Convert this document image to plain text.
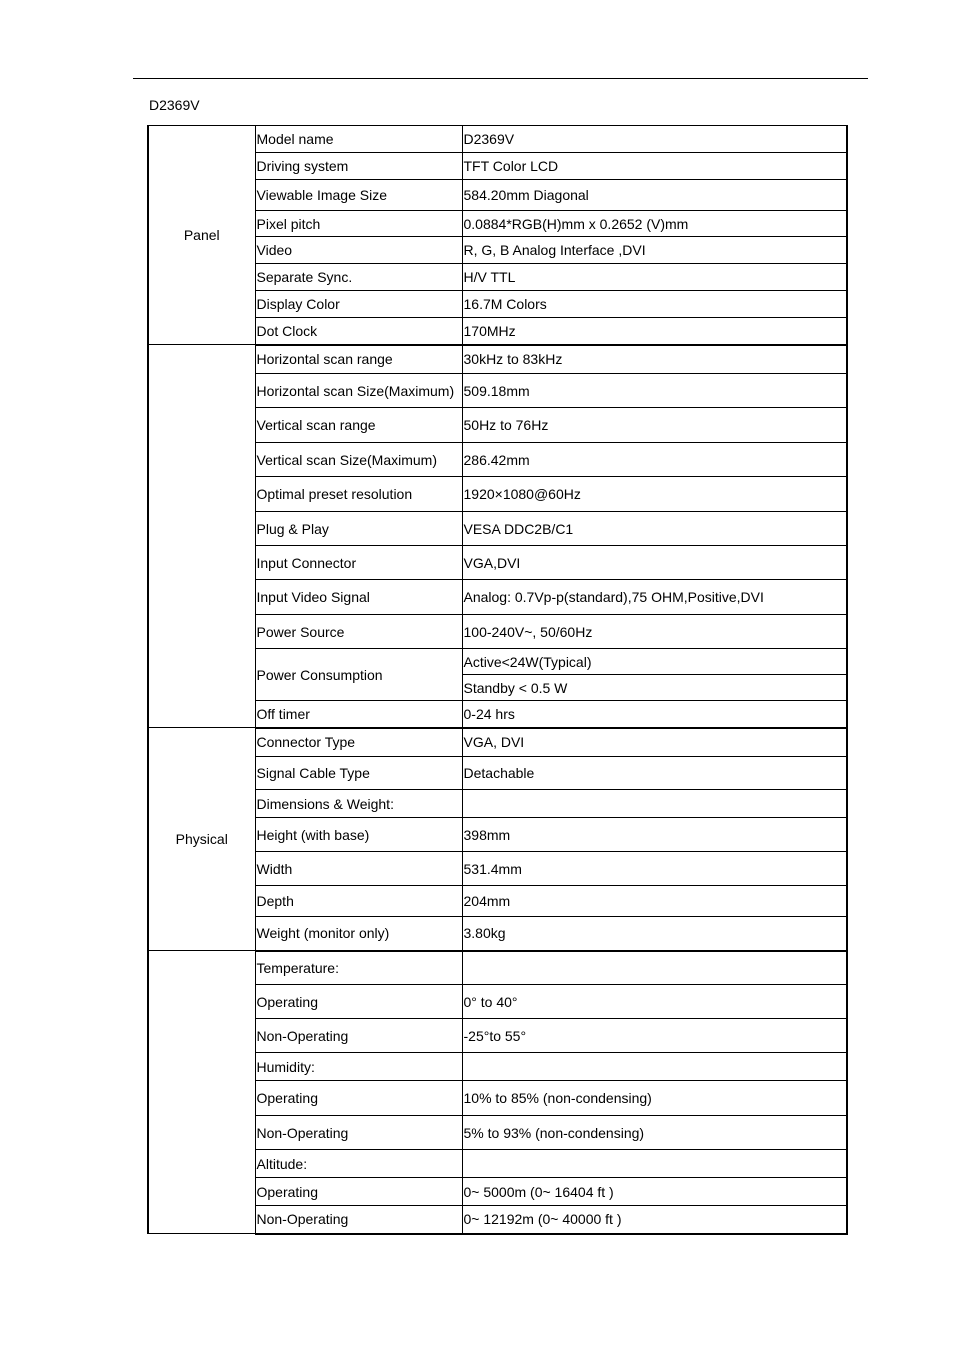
D2369V
Panel	Model name	D2369V
	Driving system	TFT Color LCD
	Viewable Image Size	584.20mm Diagonal
	Pixel pitch	0.0884*RGB(H)mm x 0.2652 (V)mm
	Video	R, G, B Analog Interface ,DVI
	Separate Sync.	H/V TTL
	Display Color	16.7M Colors
	Dot Clock	170MHz
	Horizontal scan range	30kHz to 83kHz
	Horizontal scan Size(Maximum)	509.18mm
	Vertical scan range	50Hz to 76Hz
	Vertical scan Size(Maximum)	286.42mm
	Optimal preset resolution	1920×1080@60Hz
	Plug & Play	VESA DDC2B/C1
	Input Connector	VGA,DVI
	Input Video Signal	Analog: 0.7Vp-p(standard),75 OHM,Positive,DVI
	Power Source	100-240V~, 50/60Hz
	Power Consumption	Active<24W(Typical)
		Standby < 0.5 W
	Off timer	0-24 hrs
Physical	Connector Type	VGA, DVI
	Signal Cable Type	Detachable
	Dimensions & Weight:	
	Height (with base)	398mm
	Width	531.4mm
	Depth	204mm
	Weight (monitor only)	3.80kg
	Temperature:	
	Operating	0° to 40°
	Non-Operating	-25°to 55°
	Humidity:	
	Operating	10% to 85% (non-condensing)
	Non-Operating	5% to 93% (non-condensing)
	Altitude:	
	Operating	0~ 5000m (0~ 16404 ft )
	Non-Operating	0~ 12192m (0~ 40000 ft )
